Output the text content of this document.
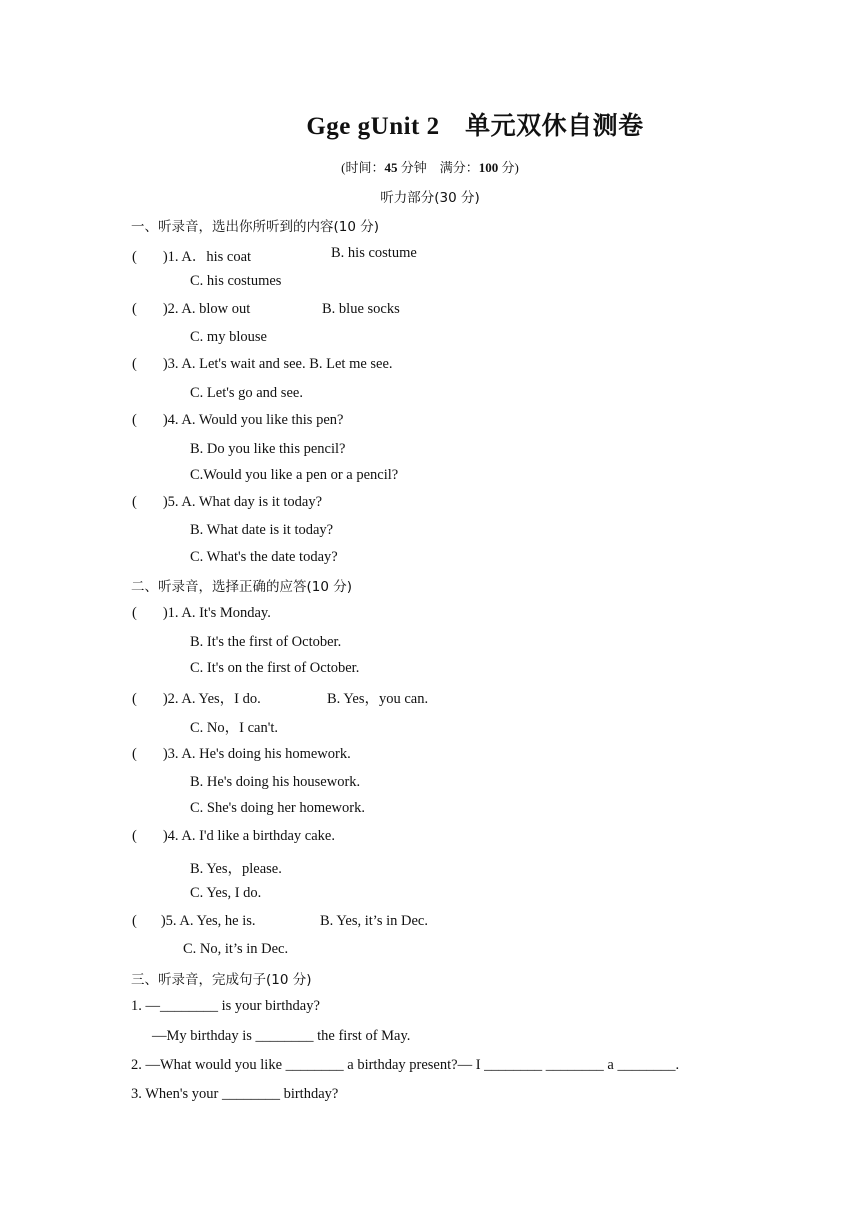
Gge gUnit 2　单元双休自测卷
(时间：45 分钟　满分：100 分)
听力部分(30 分)
一、听录音，选出你所听到的内容(10 分)
( )1. A．his coat	B. his costume
C. his costumes
( )2. A. blow out	B. blue socks
C. my blouse
( )3. A. Let's wait and see. B. Let me see.
C. Let's go and see.
( )4. A. Would you like this pen?
B. Do you like this pencil?
C.Would you like a pen or a pencil?
( )5. A. What day is it today?
B. What date is it today?
C. What's the date today?
二、听录音，选择正确的应答(10 分)
( )1. A. It's Monday.
B. It's the first of October.
C. It's on the first of October.
( )2. A. Yes，I do.	B. Yes，you can.
C. No，I can't.
( )3. A. He's doing his homework.
B. He's doing his housework.
C. She's doing her homework.
( )4. A. I'd like a birthday cake.
B. Yes，please.
C. Yes, I do.
( )5. A. Yes, he is.	B. Yes, it’s in Dec.
C. No, it’s in Dec.
三、听录音，完成句子(10 分)
1. —________ is your birthday?
—My birthday is ________ the first of May.
2. —What would you like ________ a birthday present?— I ________ ________ a ________.
3. When's your ________ birthday?
